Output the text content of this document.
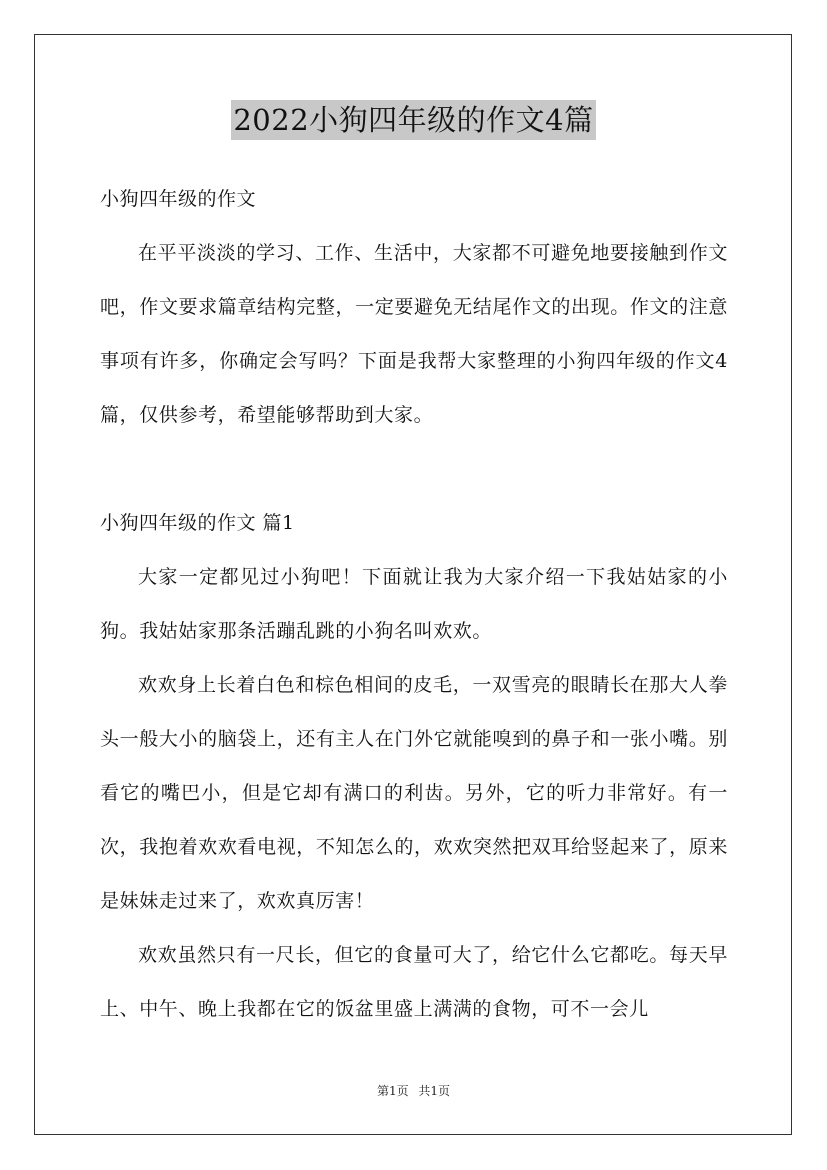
2022小狗四年级的作文4篇

小狗四年级的作文

在平平淡淡的学习、工作、生活中，大家都不可避免地要接触到作文吧，作文要求篇章结构完整，一定要避免无结尾作文的出现。作文的注意事项有许多，你确定会写吗？下面是我帮大家整理的小狗四年级的作文4篇，仅供参考，希望能够帮助到大家。

小狗四年级的作文 篇1

大家一定都见过小狗吧！下面就让我为大家介绍一下我姑姑家的小狗。我姑姑家那条活蹦乱跳的小狗名叫欢欢。

欢欢身上长着白色和棕色相间的皮毛，一双雪亮的眼睛长在那大人拳头一般大小的脑袋上，还有主人在门外它就能嗅到的鼻子和一张小嘴。别看它的嘴巴小，但是它却有满口的利齿。另外，它的听力非常好。有一次，我抱着欢欢看电视，不知怎么的，欢欢突然把双耳给竖起来了，原来是妹妹走过来了，欢欢真厉害！

欢欢虽然只有一尺长，但它的食量可大了，给它什么它都吃。每天早上、中午、晚上我都在它的饭盆里盛上满满的食物，可不一会儿

第1页 共1页
